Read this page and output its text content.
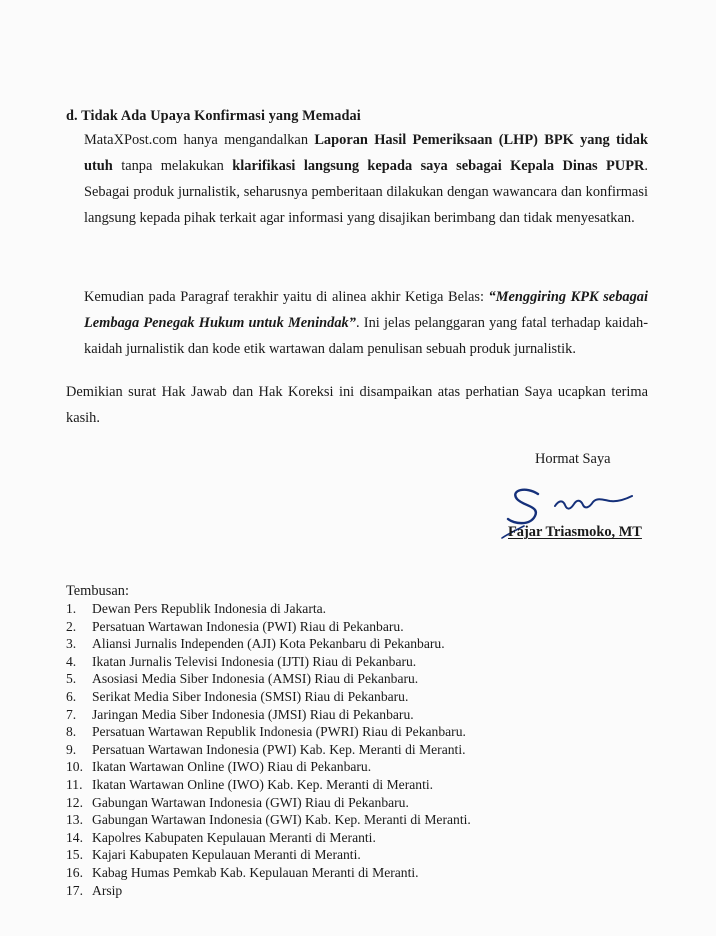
d. Tidak Ada Upaya Konfirmasi yang Memadai
MataXPost.com hanya mengandalkan Laporan Hasil Pemeriksaan (LHP) BPK yang tidak utuh tanpa melakukan klarifikasi langsung kepada saya sebagai Kepala Dinas PUPR. Sebagai produk jurnalistik, seharusnya pemberitaan dilakukan dengan wawancara dan konfirmasi langsung kepada pihak terkait agar informasi yang disajikan berimbang dan tidak menyesatkan.
Kemudian pada Paragraf terakhir yaitu di alinea akhir Ketiga Belas: “Menggiring KPK sebagai Lembaga Penegak Hukum untuk Menindak”. Ini jelas pelanggaran yang fatal terhadap kaidah-kaidah jurnalistik dan kode etik wartawan dalam penulisan sebuah produk jurnalistik.
Demikian surat Hak Jawab dan Hak Koreksi ini disampaikan atas perhatian Saya ucapkan terima kasih.
Hormat Saya
Fajar Triasmoko, MT
Tembusan:
1.	Dewan Pers Republik Indonesia di Jakarta.
2.	Persatuan Wartawan Indonesia (PWI) Riau di Pekanbaru.
3.	Aliansi Jurnalis Independen (AJI) Kota Pekanbaru di Pekanbaru.
4.	Ikatan Jurnalis Televisi Indonesia (IJTI) Riau di Pekanbaru.
5.	Asosiasi Media Siber Indonesia (AMSI) Riau di Pekanbaru.
6.	Serikat Media Siber Indonesia (SMSI) Riau di Pekanbaru.
7.	Jaringan Media Siber Indonesia (JMSI) Riau di Pekanbaru.
8.	Persatuan Wartawan Republik Indonesia (PWRI) Riau di Pekanbaru.
9.	Persatuan Wartawan Indonesia (PWI) Kab. Kep. Meranti di Meranti.
10. Ikatan Wartawan Online (IWO) Riau di Pekanbaru.
11. Ikatan Wartawan Online (IWO) Kab. Kep. Meranti di Meranti.
12. Gabungan Wartawan Indonesia (GWI) Riau di Pekanbaru.
13. Gabungan Wartawan Indonesia (GWI) Kab. Kep. Meranti di Meranti.
14. Kapolres Kabupaten Kepulauan Meranti di Meranti.
15. Kajari Kabupaten Kepulauan Meranti di Meranti.
16. Kabag Humas Pemkab Kab. Kepulauan Meranti di Meranti.
17. Arsip
